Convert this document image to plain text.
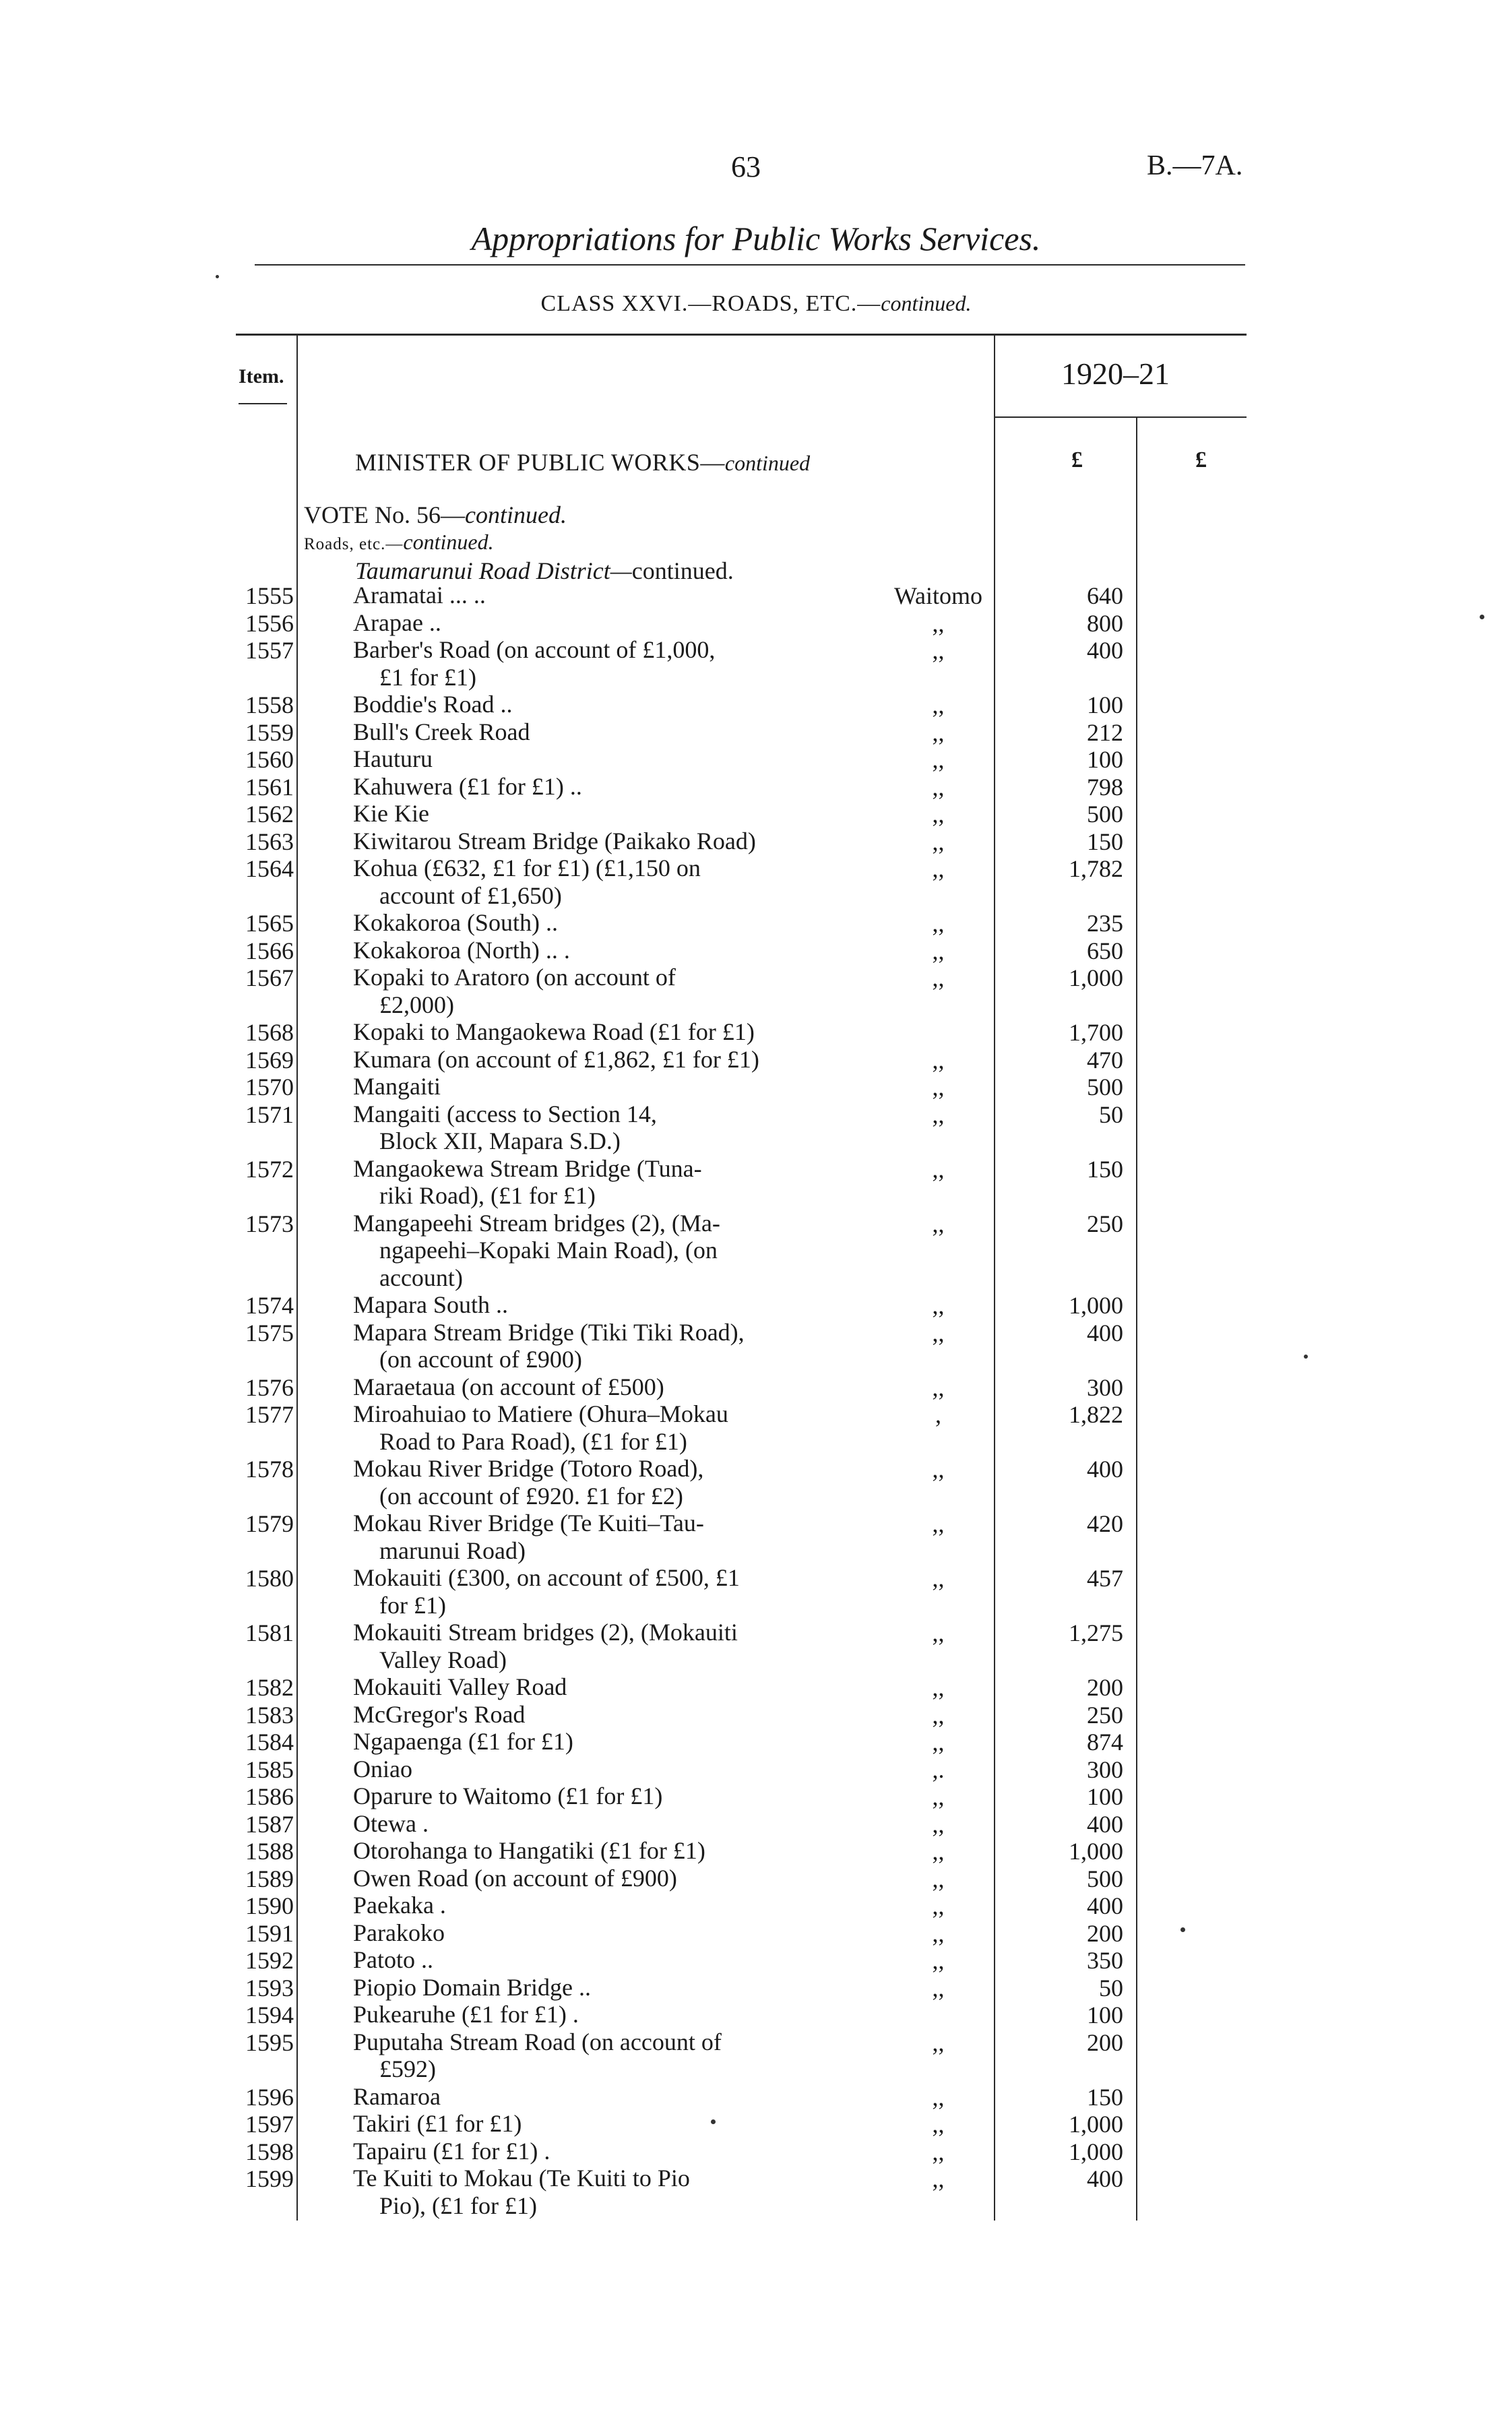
63	B.—7A.
Appropriations for Public Works Services.
CLASS XXVI.—ROADS, ETC.—continued.
Item.	1920–21
£	£
MINISTER OF PUBLIC WORKS—continued
VOTE No. 56—continued.
Roads, etc.—continued.
Taumarunui Road District—continued.
1555 Aramatai ... ..	Waitomo	640
1556 Arapae ..	,,	800
1557 Barber's Road (on account of £1,000,
£1 for £1)
,,	400
1558 Boddie's Road ..	,,	100
1559 Bull's Creek Road	,,	212
1560 Hauturu	,,	100
1561 Kahuwera (£1 for £1) ..	,,	798
1562 Kie Kie	,,	500
1563 Kiwitarou Stream Bridge (Paikako Road)	,,	150
1564 Kohua (£632, £1 for £1) (£1,150 on
account of £1,650)
,,	1,782
1565 Kokakoroa (South) ..	,,	235
1566 Kokakoroa (North) .. .	,,	650
1567 Kopaki to Aratoro (on account of
£2,000)
,,	1,000
1568 Kopaki to Mangaokewa Road (£1 for £1)	1,700
1569 Kumara (on account of £1,862, £1 for £1)	,,	470
1570 Mangaiti	,,	500
1571 Mangaiti (access to Section 14,
Block XII, Mapara S.D.)
,,	50
1572 Mangaokewa Stream Bridge (Tuna-
riki Road), (£1 for £1)
,,	150
1573 Mangapeehi Stream bridges (2), (Ma-
ngapeehi–Kopaki Main Road), (on
account)
,,	250
1574 Mapara South ..	,,	1,000
1575 Mapara Stream Bridge (Tiki Tiki Road),
(on account of £900)
,,	400
1576 Maraetaua (on account of £500)	,,	300
1577 Miroahuiao to Matiere (Ohura–Mokau
Road to Para Road), (£1 for £1)
,	1,822
1578 Mokau River Bridge (Totoro Road),
(on account of £920. £1 for £2)
,,	400
1579 Mokau River Bridge (Te Kuiti–Tau-
marunui Road)
,,	420
1580 Mokauiti (£300, on account of £500, £1
for £1)
,,	457
1581 Mokauiti Stream bridges (2), (Mokauiti
Valley Road)
,,	1,275
1582 Mokauiti Valley Road	,,	200
1583 McGregor's Road	,,	250
1584 Ngapaenga (£1 for £1)	,,	874
1585 Oniao	,.	300
1586 Oparure to Waitomo (£1 for £1)	,,	100
1587 Otewa .	,,	400
1588 Otorohanga to Hangatiki (£1 for £1)	,,	1,000
1589 Owen Road (on account of £900)	,,	500
1590 Paekaka .	,,	400
1591 Parakoko	,,	200
1592 Patoto ..	,,	350
1593 Piopio Domain Bridge ..	,,	50
1594 Pukearuhe (£1 for £1) .	100
1595 Puputaha Stream Road (on account of
£592)
,,	200
1596 Ramaroa	,,	150
1597 Takiri (£1 for £1)	,,	1,000
1598 Tapairu (£1 for £1) .	,,	1,000
1599 Te Kuiti to Mokau (Te Kuiti to Pio
Pio), (£1 for £1)
,,	400
